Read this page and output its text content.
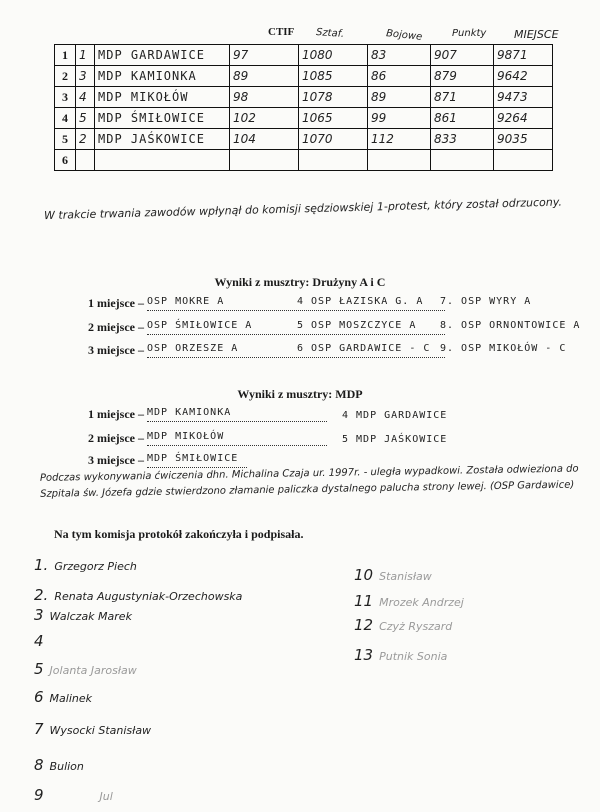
CTIF Sztaf.	Bojowe	Punkty	MIEJSCE
1	1	MDP GARDAWICE	97	1080	83	907	987
2	3	MDP KAMIONKA	89	1085	86	879	964
3	4	MDP MIKOŁÓW	98	1078	89	871	947
4	5	MDP ŚMIŁOWICE	102	1065	99	861	926
5	2	MDP JAŚKOWICE	104	1070	112	833	903
6							
1
2
3
4
5
W trakcie trwania zawodów wpłynął do komisji sędziowskiej 1-protest, który został odrzucony.
Wyniki z musztry: Drużyny A i C
1 miejsce – OSP MOKRE A	4 OSP ŁAZISKA G. A 7. OSP WYRY A
2 miejsce – OSP ŚMIŁOWICE A	5 OSP MOSZCZYCE A 8. OSP ORNONTOWICE A
3 miejsce – OSP ORZESZE A	6 OSP GARDAWICE - C 9. OSP MIKOŁÓW - C
Wyniki z musztry: MDP
1 miejsce – MDP KAMIONKA	4 MDP GARDAWICE
2 miejsce – MDP MIKOŁÓW	5 MDP JAŚKOWICE
3 miejsce – MDP ŚMIŁOWICE
Podczas wykonywania ćwiczenia dhn. Michalina Czaja ur. 1997r. - uległa wypadkowi. Została odwieziona do Szpitala św. Józefa gdzie stwierdzono złamanie paliczka dystalnego palucha strony lewej. (OSP Gardawice)
Na tym komisja protokół zakończyła i podpisała.
1. Grzegorz Piech
2. Renata Augustyniak-Orzechowska
3 Walczak Marek
4
5 Jolanta Jarosław
6 Malinek
7 Wysocki Stanisław
8 Bulion
9	Jul
10 Stanisław
11 Mrozek Andrzej
12 Czyż Ryszard
13 Putnik Sonia
